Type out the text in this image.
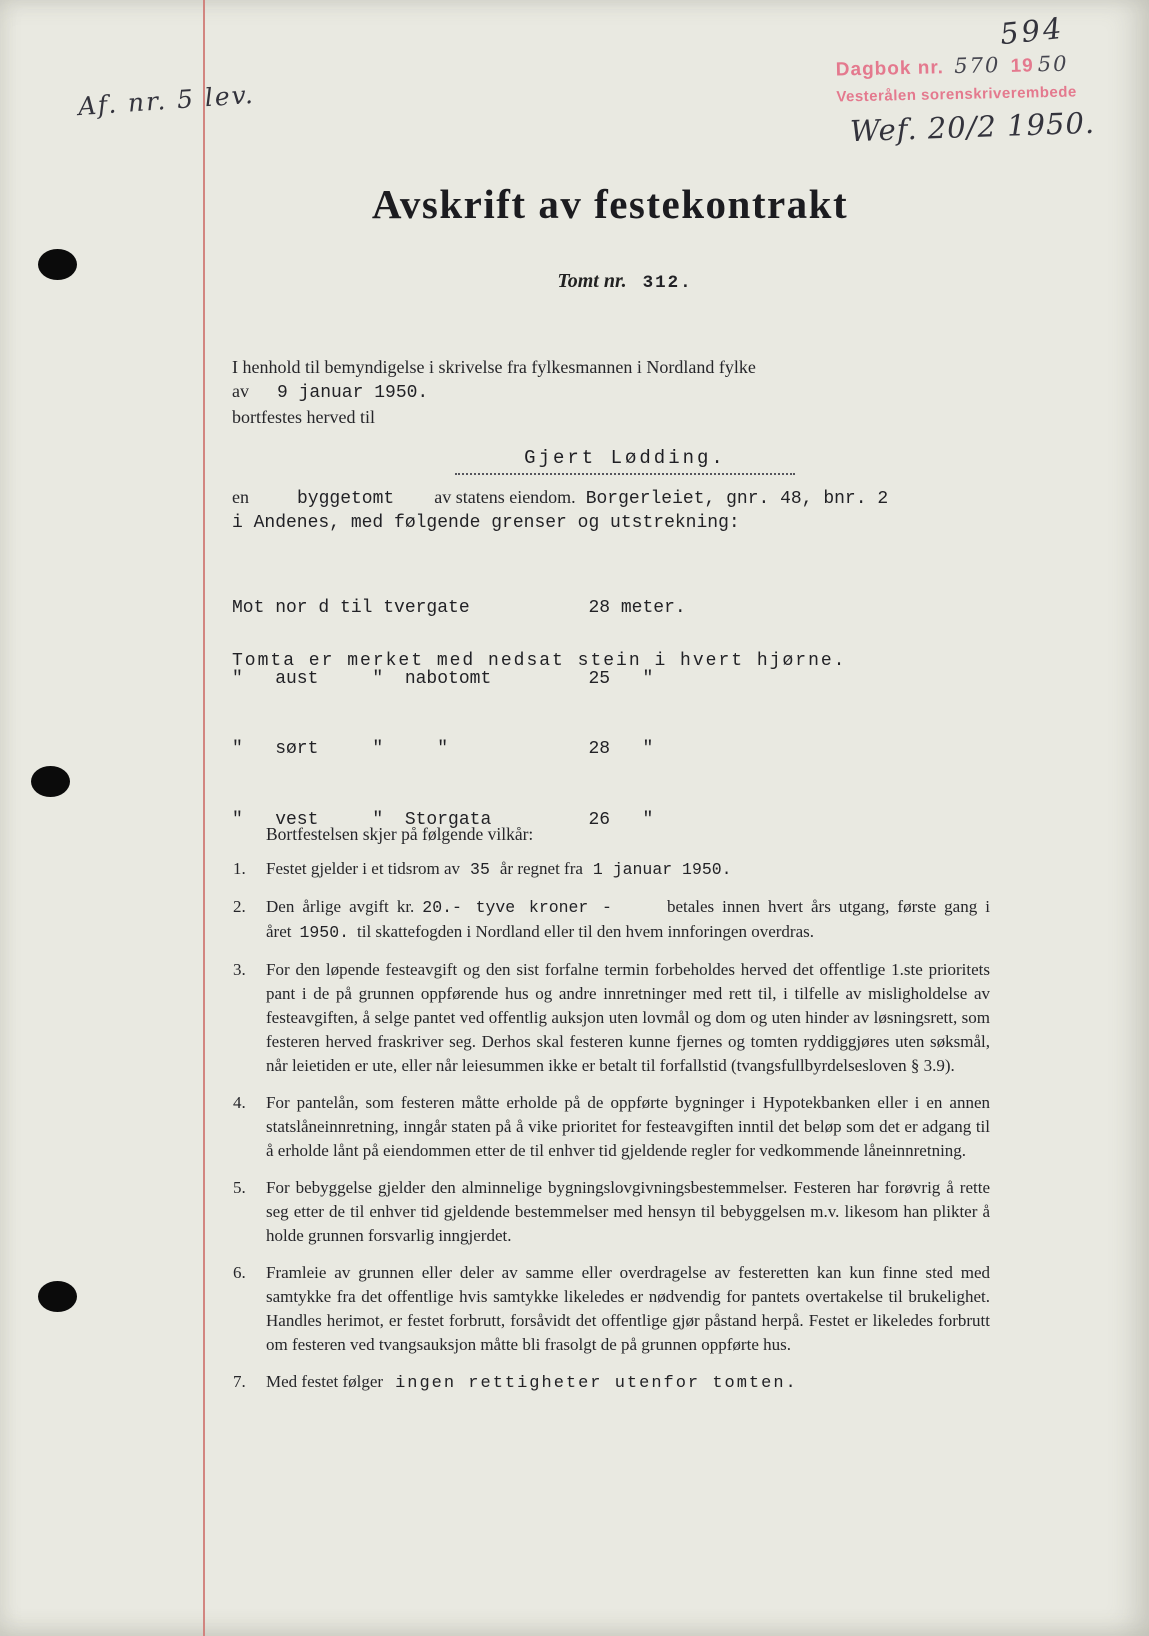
Af. nr. 5 lev.
594
Dagbok nr. 570 19 50
Vesterålen sorenskriverembede
Wef. 20/2 1950.
Avskrift av festekontrakt
Tomt nr. 312.
I henhold til bemyndigelse i skrivelse fra fylkesmannen i Nordland fylke
av 9 januar 1950.
bortfestes herved til
Gjert Lødding.
en	byggetomt av statens eiendom. Borgerleiet, gnr. 48, bnr. 2
i Andenes, med følgende grenser og utstrekning:

Mot nor d til tvergate           28 meter.

"   aust     "  nabotomt         25   "

"   sørt     "     "             28   "

"   vest     "  Storgata         26   "

Tomta er merket med nedsat stein i hvert hjørne.
Bortfestelsen skjer på følgende vilkår:
1.	Festet gjelder i et tidsrom av 35 år regnet fra 1 januar 1950.
2.	Den årlige avgift kr. 20.- tyve kroner -	betales innen hvert års utgang, første gang i året 1950. til skattefogden i Nordland eller til den hvem innforingen overdras.
3.	For den løpende festeavgift og den sist forfalne termin forbeholdes herved det offentlige 1.ste prioritets pant i de på grunnen oppførende hus og andre innretninger med rett til, i tilfelle av misligholdelse av festeavgiften, å selge pantet ved offentlig auksjon uten lovmål og dom og uten hinder av løsningsrett, som festeren herved fraskriver seg. Derhos skal festeren kunne fjernes og tomten ryddiggjøres uten søksmål, når leietiden er ute, eller når leiesummen ikke er betalt til forfallstid (tvangsfullbyrdelsesloven § 3.9).
4.	For pantelån, som festeren måtte erholde på de oppførte bygninger i Hypotekbanken eller i en annen statslåneinnretning, inngår staten på å vike prioritet for festeavgiften inntil det beløp som det er adgang til å erholde lånt på eiendommen etter de til enhver tid gjeldende regler for vedkommende låneinnretning.
5.	For bebyggelse gjelder den alminnelige bygningslovgivningsbestemmelser. Festeren har forøvrig å rette seg etter de til enhver tid gjeldende bestemmelser med hensyn til bebyggelsen m.v. likesom han plikter å holde grunnen forsvarlig inngjerdet.
6.	Framleie av grunnen eller deler av samme eller overdragelse av festeretten kan kun finne sted med samtykke fra det offentlige hvis samtykke likeledes er nødvendig for pantets overtakelse til brukelighet. Handles herimot, er festet forbrutt, forsåvidt det offentlige gjør påstand herpå. Festet er likeledes forbrutt om festeren ved tvangsauksjon måtte bli frasolgt de på grunnen oppførte hus.
7.	Med festet følger ingen rettigheter utenfor tomten.
